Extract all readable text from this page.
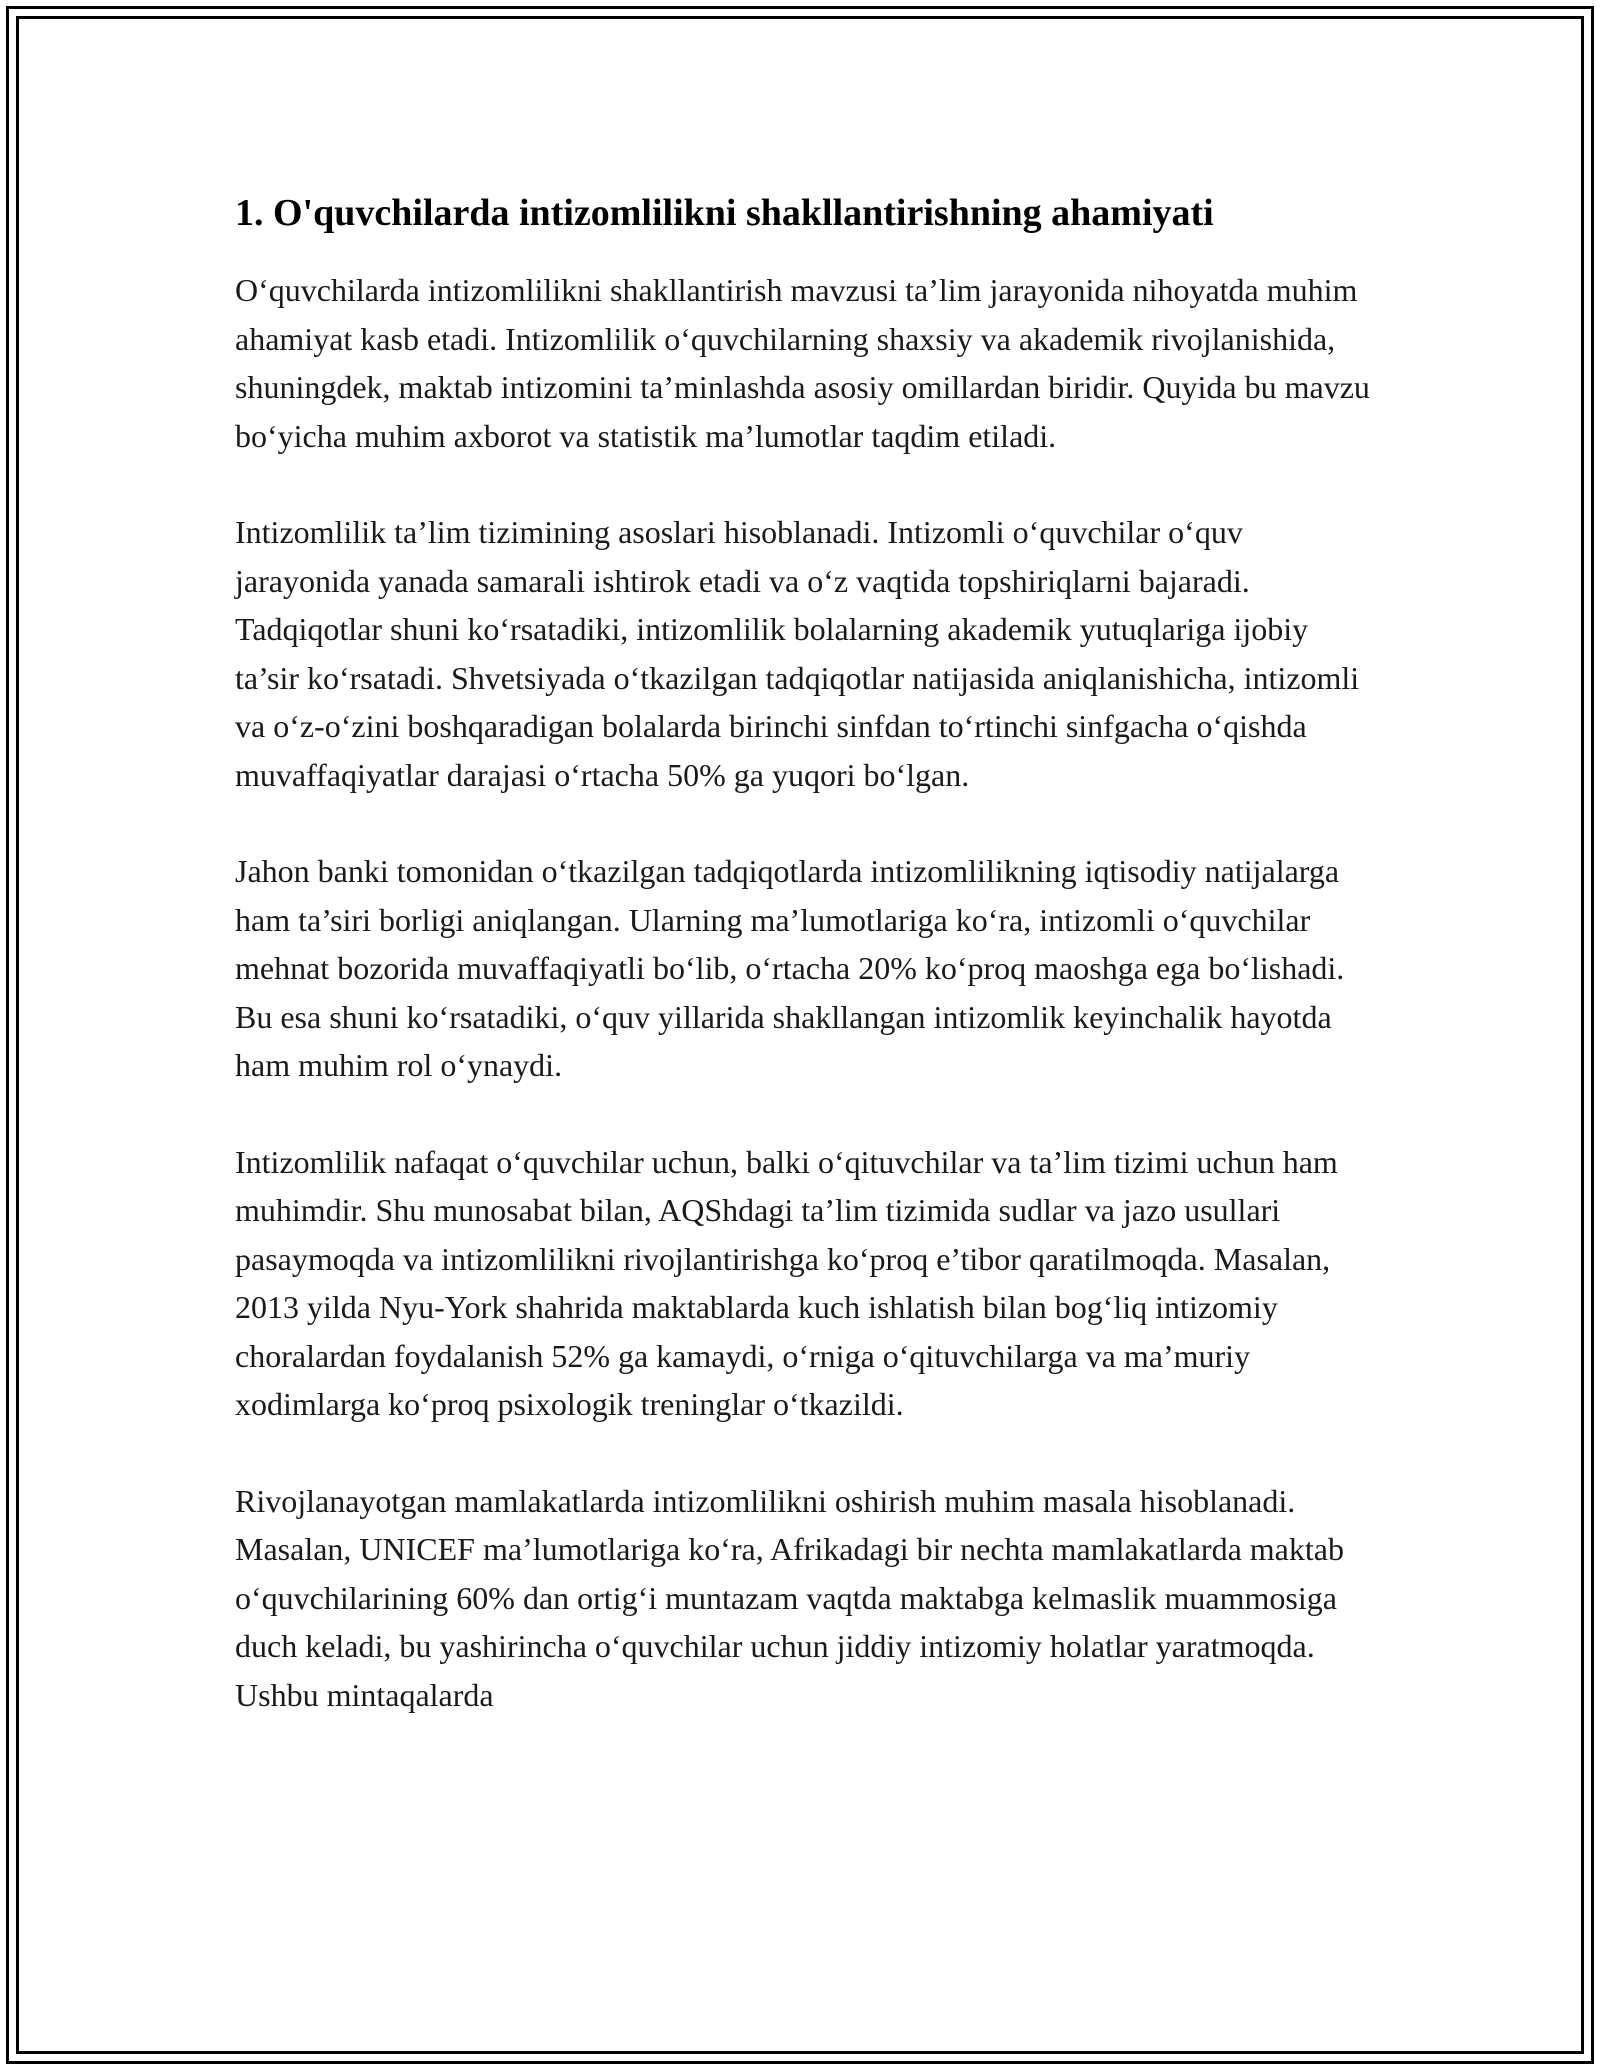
1. O'quvchilarda intizomlilikni shakllantirishning ahamiyati

O‘quvchilarda intizomlilikni shakllantirish mavzusi ta’lim jarayonida nihoyatda muhim ahamiyat kasb etadi. Intizomlilik o‘quvchilarning shaxsiy va akademik rivojlanishida, shuningdek, maktab intizomini ta’minlashda asosiy omillardan biridir. Quyida bu mavzu bo‘yicha muhim axborot va statistik ma’lumotlar taqdim etiladi.

Intizomlilik ta’lim tizimining asoslari hisoblanadi. Intizomli o‘quvchilar o‘quv jarayonida yanada samarali ishtirok etadi va o‘z vaqtida topshiriqlarni bajaradi. Tadqiqotlar shuni ko‘rsatadiki, intizomlilik bolalarning akademik yutuqlariga ijobiy ta’sir ko‘rsatadi. Shvetsiyada o‘tkazilgan tadqiqotlar natijasida aniqlanishicha, intizomli va o‘z-o‘zini boshqaradigan bolalarda birinchi sinfdan to‘rtinchi sinfgacha o‘qishda muvaffaqiyatlar darajasi o‘rtacha 50% ga yuqori bo‘lgan.

Jahon banki tomonidan o‘tkazilgan tadqiqotlarda intizomlilikning iqtisodiy natijalarga ham ta’siri borligi aniqlangan. Ularning ma’lumotlariga ko‘ra, intizomli o‘quvchilar mehnat bozorida muvaffaqiyatli bo‘lib, o‘rtacha 20% ko‘proq maoshga ega bo‘lishadi. Bu esa shuni ko‘rsatadiki, o‘quv yillarida shakllangan intizomlik keyinchalik hayotda ham muhim rol o‘ynaydi.

Intizomlilik nafaqat o‘quvchilar uchun, balki o‘qituvchilar va ta’lim tizimi uchun ham muhimdir. Shu munosabat bilan, AQShdagi ta’lim tizimida sudlar va jazo usullari pasaymoqda va intizomlilikni rivojlantirishga ko‘proq e’tibor qaratilmoqda. Masalan, 2013 yilda Nyu-York shahrida maktablarda kuch ishlatish bilan bog‘liq intizomiy choralardan foydalanish 52% ga kamaydi, o‘rniga o‘qituvchilarga va ma’muriy xodimlarga ko‘proq psixologik treninglar o‘tkazildi.

Rivojlanayotgan mamlakatlarda intizomlilikni oshirish muhim masala hisoblanadi. Masalan, UNICEF ma’lumotlariga ko‘ra, Afrikadagi bir nechta mamlakatlarda maktab o‘quvchilarining 60% dan ortig‘i muntazam vaqtda maktabga kelmaslik muammosiga duch keladi, bu yashirincha o‘quvchilar uchun jiddiy intizomiy holatlar yaratmoqda. Ushbu mintaqalarda
